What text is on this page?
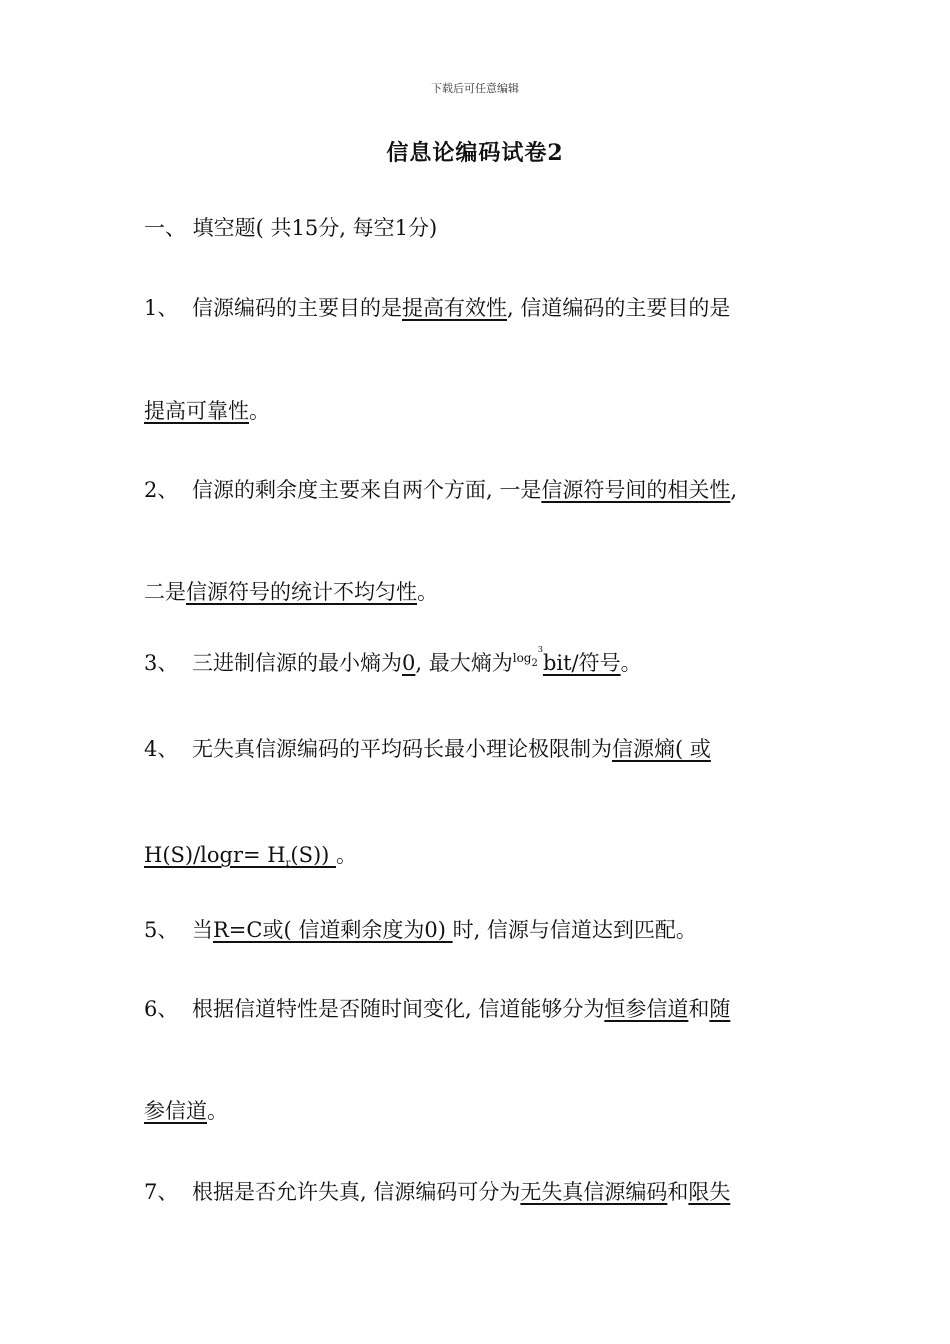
下载后可任意编辑
信息论编码试卷2
一、 填空题( 共15分, 每空1分)
1、 信源编码的主要目的是提高有效性, 信道编码的主要目的是
提高可靠性。
2、 信源的剩余度主要来自两个方面, 一是信源符号间的相关性,
二是信源符号的统计不均匀性。
3、 三进制信源的最小熵为0, 最大熵为$^{log_2^3}$bit/符号。
4、 无失真信源编码的平均码长最小理论极限制为信源熵( 或
H(S)/logr= Hr(S)) 。
5、 当R=C或( 信道剩余度为0) 时, 信源与信道达到匹配。
6、 根据信道特性是否随时间变化, 信道能够分为恒参信道和随
参信道。
7、 根据是否允许失真, 信源编码可分为无失真信源编码和限失
